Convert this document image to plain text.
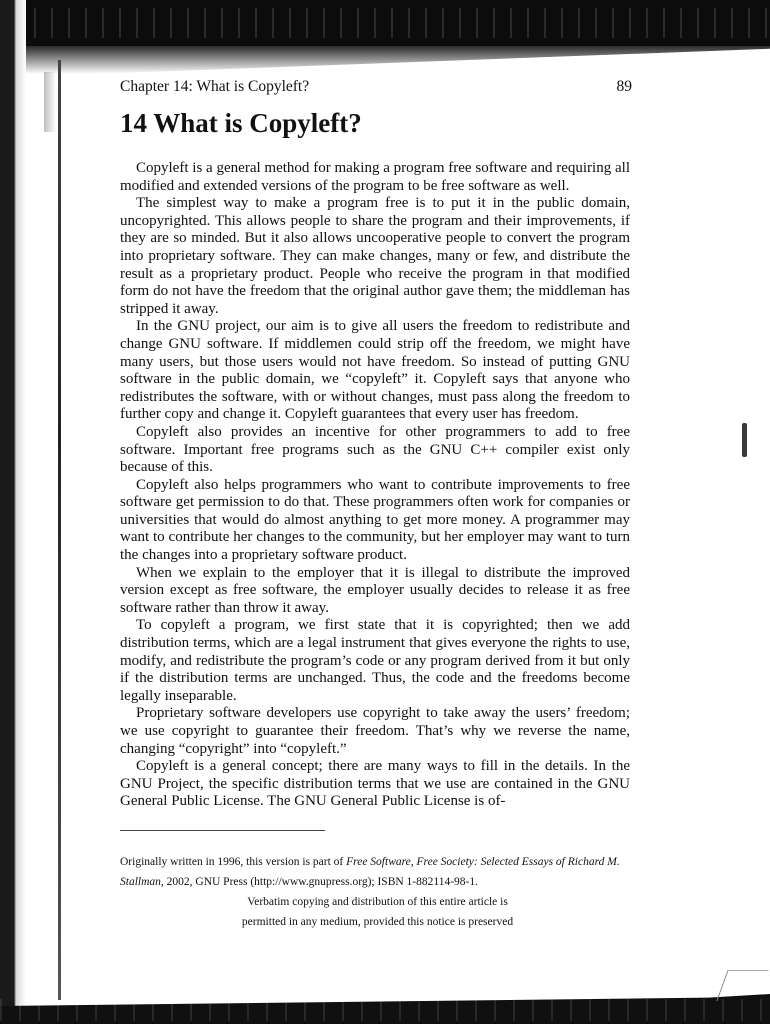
Chapter 14: What is Copyleft?	89
14 What is Copyleft?

Copyleft is a general method for making a program free software and requiring all modified and extended versions of the program to be free software as well.

The simplest way to make a program free is to put it in the public domain, uncopyrighted. This allows people to share the program and their improvements, if they are so minded. But it also allows uncooperative people to convert the program into proprietary software. They can make changes, many or few, and distribute the result as a proprietary product. People who receive the program in that modified form do not have the freedom that the original author gave them; the middleman has stripped it away.

In the GNU project, our aim is to give all users the freedom to redistribute and change GNU software. If middlemen could strip off the freedom, we might have many users, but those users would not have freedom. So instead of putting GNU software in the public domain, we “copyleft” it. Copyleft says that anyone who redistributes the software, with or without changes, must pass along the freedom to further copy and change it. Copyleft guarantees that every user has freedom.

Copyleft also provides an incentive for other programmers to add to free software. Important free programs such as the GNU C++ compiler exist only because of this.

Copyleft also helps programmers who want to contribute improvements to free software get permission to do that. These programmers often work for companies or universities that would do almost anything to get more money. A programmer may want to contribute her changes to the community, but her employer may want to turn the changes into a proprietary software product.

When we explain to the employer that it is illegal to distribute the improved version except as free software, the employer usually decides to release it as free software rather than throw it away.

To copyleft a program, we first state that it is copyrighted; then we add distribution terms, which are a legal instrument that gives everyone the rights to use, modify, and redistribute the program’s code or any program derived from it but only if the distribution terms are unchanged. Thus, the code and the freedoms become legally inseparable.

Proprietary software developers use copyright to take away the users’ freedom; we use copyright to guarantee their freedom. That’s why we reverse the name, changing “copyright” into “copyleft.”

Copyleft is a general concept; there are many ways to fill in the details. In the GNU Project, the specific distribution terms that we use are contained in the GNU General Public License. The GNU General Public License is of-

Originally written in 1996, this version is part of Free Software, Free Society: Selected Essays of Richard M. Stallman, 2002, GNU Press (http://www.gnupress.org); ISBN 1-882114-98-1.

Verbatim copying and distribution of this entire article is

permitted in any medium, provided this notice is preserved
